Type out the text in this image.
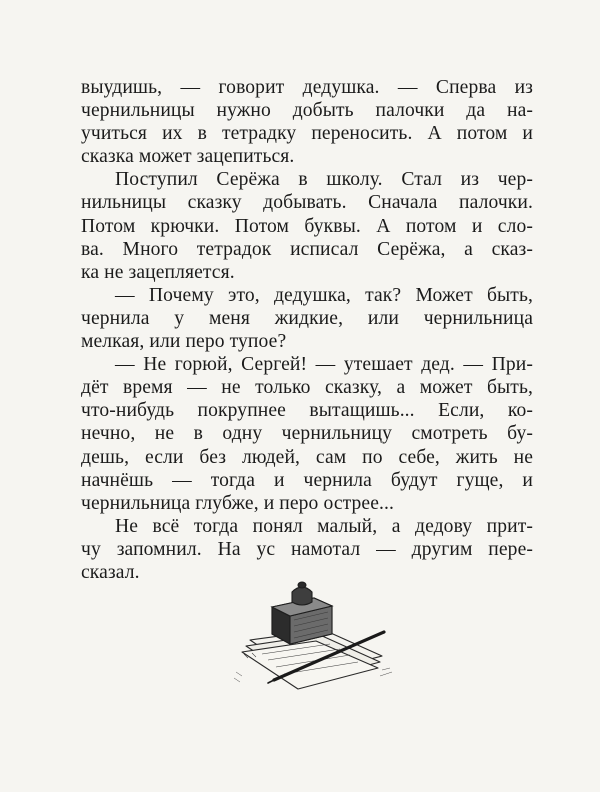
выудишь, — говорит дедушка. — Сперва из
чернильницы нужно добыть палочки да на-
учиться их в тетрадку переносить. А потом и
сказка может зацепиться.
Поступил Серёжа в школу. Стал из чер-
нильницы сказку добывать. Сначала палочки.
Потом крючки. Потом буквы. А потом и сло-
ва. Много тетрадок исписал Серёжа, а сказ-
ка не зацепляется.
— Почему это, дедушка, так? Может быть,
чернила у меня жидкие, или чернильница
мелкая, или перо тупое?
— Не горюй, Сергей! — утешает дед. — При-
дёт время — не только сказку, а может быть,
что-нибудь покрупнее вытащишь... Если, ко-
нечно, не в одну чернильницу смотреть бу-
дешь, если без людей, сам по себе, жить не
начнёшь — тогда и чернила будут гуще, и
чернильница глубже, и перо острее...
Не всё тогда понял малый, а дедову прит-
чу запомнил. На ус намотал — другим пере-
сказал.
